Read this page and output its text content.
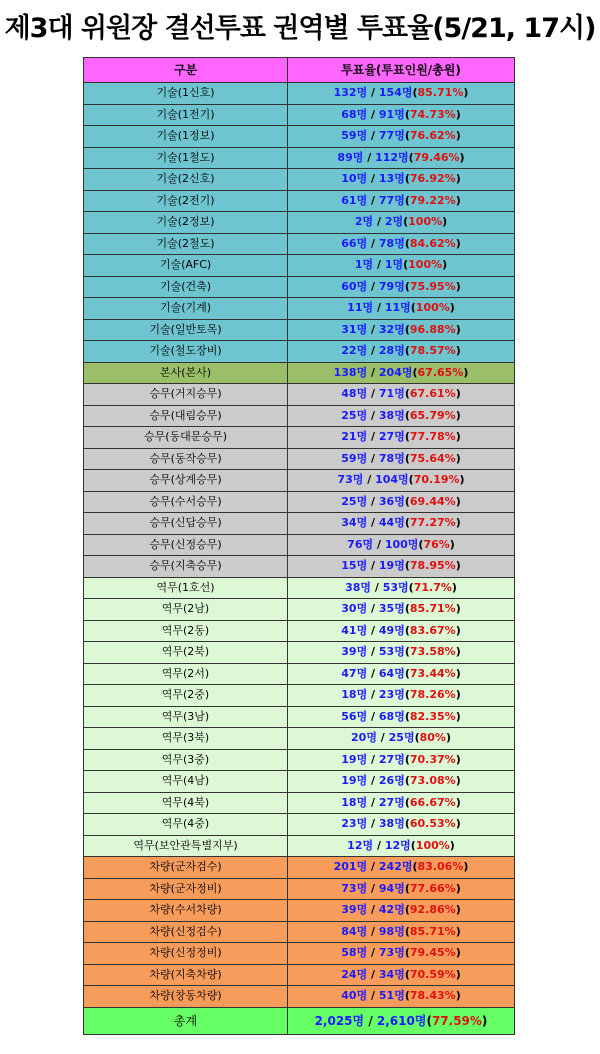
제3대 위원장 결선투표 권역별 투표율(5/21, 17시)
구분	투표율(투표인원/총원)
기술(1신호)	132명 / 154명(85.71%)
기술(1전기)	68명 / 91명(74.73%)
기술(1정보)	59명 / 77명(76.62%)
기술(1철도)	89명 / 112명(79.46%)
기술(2신호)	10명 / 13명(76.92%)
기술(2전기)	61명 / 77명(79.22%)
기술(2정보)	2명 / 2명(100%)
기술(2철도)	66명 / 78명(84.62%)
기술(AFC)	1명 / 1명(100%)
기술(건축)	60명 / 79명(75.95%)
기술(기계)	11명 / 11명(100%)
기술(일반토목)	31명 / 32명(96.88%)
기술(철도장비)	22명 / 28명(78.57%)
본사(본사)	138명 / 204명(67.65%)
승무(거지승무)	48명 / 71명(67.61%)
승무(대림승무)	25명 / 38명(65.79%)
승무(동대문승무)	21명 / 27명(77.78%)
승무(동작승무)	59명 / 78명(75.64%)
승무(상계승무)	73명 / 104명(70.19%)
승무(수서승무)	25명 / 36명(69.44%)
승무(신답승무)	34명 / 44명(77.27%)
승무(신정승무)	76명 / 100명(76%)
승무(지축승무)	15명 / 19명(78.95%)
역무(1호선)	38명 / 53명(71.7%)
역무(2남)	30명 / 35명(85.71%)
역무(2동)	41명 / 49명(83.67%)
역무(2북)	39명 / 53명(73.58%)
역무(2서)	47명 / 64명(73.44%)
역무(2중)	18명 / 23명(78.26%)
역무(3남)	56명 / 68명(82.35%)
역무(3북)	20명 / 25명(80%)
역무(3중)	19명 / 27명(70.37%)
역무(4남)	19명 / 26명(73.08%)
역무(4북)	18명 / 27명(66.67%)
역무(4중)	23명 / 38명(60.53%)
역무(보안관특별지부)	12명 / 12명(100%)
차량(군자검수)	201명 / 242명(83.06%)
차량(군자정비)	73명 / 94명(77.66%)
차량(수서차량)	39명 / 42명(92.86%)
차량(신정검수)	84명 / 98명(85.71%)
차량(신정정비)	58명 / 73명(79.45%)
차량(지축차량)	24명 / 34명(70.59%)
차량(창동차량)	40명 / 51명(78.43%)
총계	2,025명 / 2,610명(77.59%)
